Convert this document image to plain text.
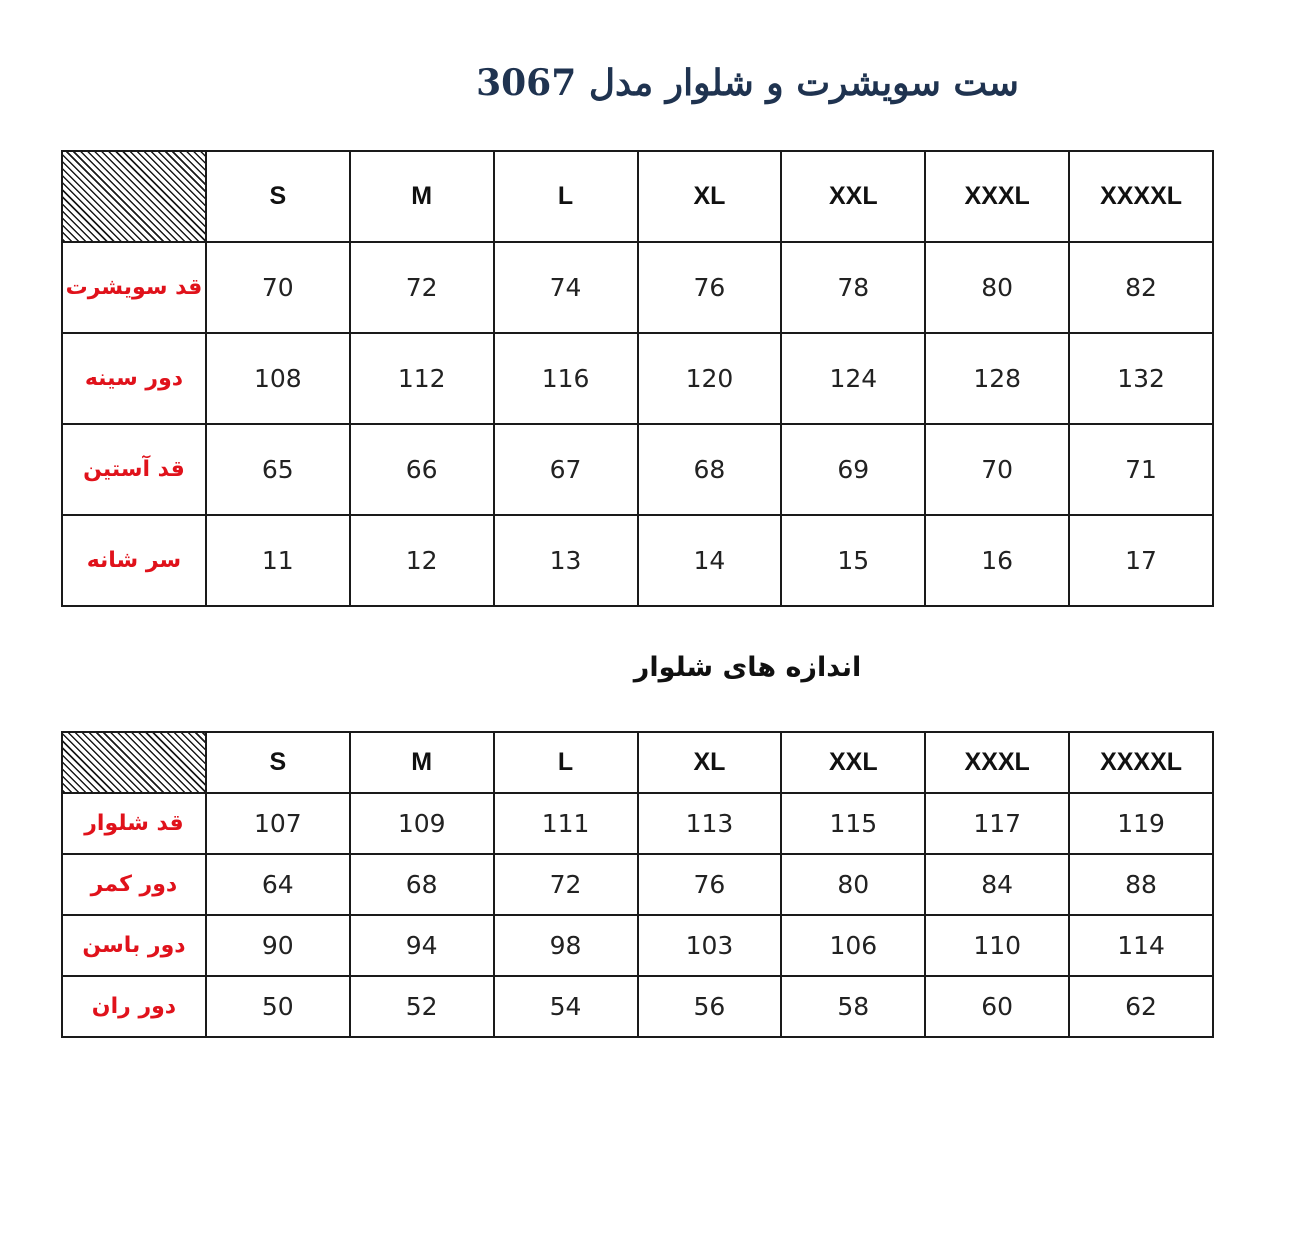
ست سویشرت و شلوار مدل 3067
	S	M	L	XL	XXL	XXXL	XXXXL
قد سویشرت	70	72	74	76	78	80	82
دور سینه	108	112	116	120	124	128	132
قد آستین	65	66	67	68	69	70	71
سر شانه	11	12	13	14	15	16	17
اندازه های شلوار
	S	M	L	XL	XXL	XXXL	XXXXL
قد شلوار	107	109	111	113	115	117	119
دور کمر	64	68	72	76	80	84	88
دور باسن	90	94	98	103	106	110	114
دور ران	50	52	54	56	58	60	62
